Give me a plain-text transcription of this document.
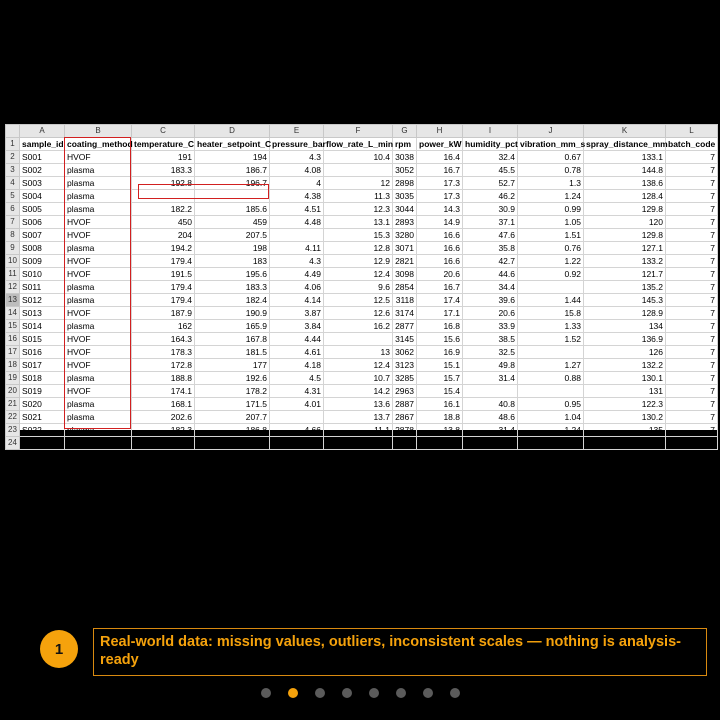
	A	B	C	D	E	F	G	H	I	J	K	L
1	sample_id	coating_method	temperature_C	heater_setpoint_C	pressure_bar	flow_rate_L_min	rpm	power_kW	humidity_pct	vibration_mm_s	spray_distance_mm	batch_code
2	S001	HVOF	191	194	4.3	10.4	3038	16.4	32.4	0.67	133.1	7
3	S002	plasma	183.3	186.7	4.08		3052	16.7	45.5	0.78	144.8	7
4	S003	plasma	192.8	196.7	4	12	2898	17.3	52.7	1.3	138.6	7
5	S004	plasma			4.38	11.3	3035	17.3	46.2	1.24	128.4	7
6	S005	plasma	182.2	185.6	4.51	12.3	3044	14.3	30.9	0.99	129.8	7
7	S006	HVOF	450	459	4.48	13.1	2893	14.9	37.1	1.05	120	7
8	S007	HVOF	204	207.5		15.3	3280	16.6	47.6	1.51	129.8	7
9	S008	plasma	194.2	198	4.11	12.8	3071	16.6	35.8	0.76	127.1	7
10	S009	HVOF	179.4	183	4.3	12.9	2821	16.6	42.7	1.22	133.2	7
11	S010	HVOF	191.5	195.6	4.49	12.4	3098	20.6	44.6	0.92	121.7	7
12	S011	plasma	179.4	183.3	4.06	9.6	2854	16.7	34.4		135.2	7
13	S012	plasma	179.4	182.4	4.14	12.5	3118	17.4	39.6	1.44	145.3	7
14	S013	HVOF	187.9	190.9	3.87	12.6	3174	17.1	20.6	15.8	128.9	7
15	S014	plasma	162	165.9	3.84	16.2	2877	16.8	33.9	1.33	134	7
16	S015	HVOF	164.3	167.8	4.44		3145	15.6	38.5	1.52	136.9	7
17	S016	HVOF	178.3	181.5	4.61	13	3062	16.9	32.5		126	7
18	S017	HVOF	172.8	177	4.18	12.4	3123	15.1	49.8	1.27	132.2	7
19	S018	plasma	188.8	192.6	4.5	10.7	3285	15.7	31.4	0.88	130.1	7
20	S019	HVOF	174.1	178.2	4.31	14.2	2963	15.4			131	7
21	S020	plasma	168.1	171.5	4.01	13.6	2887	16.1	40.8	0.95	122.3	7
22	S021	plasma	202.6	207.7		13.7	2867	18.8	48.6	1.04	130.2	7
23	S022	plasma	182.3	186.8	4.66	11.1	2878	13.8	31.4	1.24	135	7
24	S023	plasma	185.8	189.4	-1.5	14.6	2988	16.8	47	0.67	144.5	7
1	Real-world data: missing values, outliers, inconsistent scales — nothing is analysis-ready
